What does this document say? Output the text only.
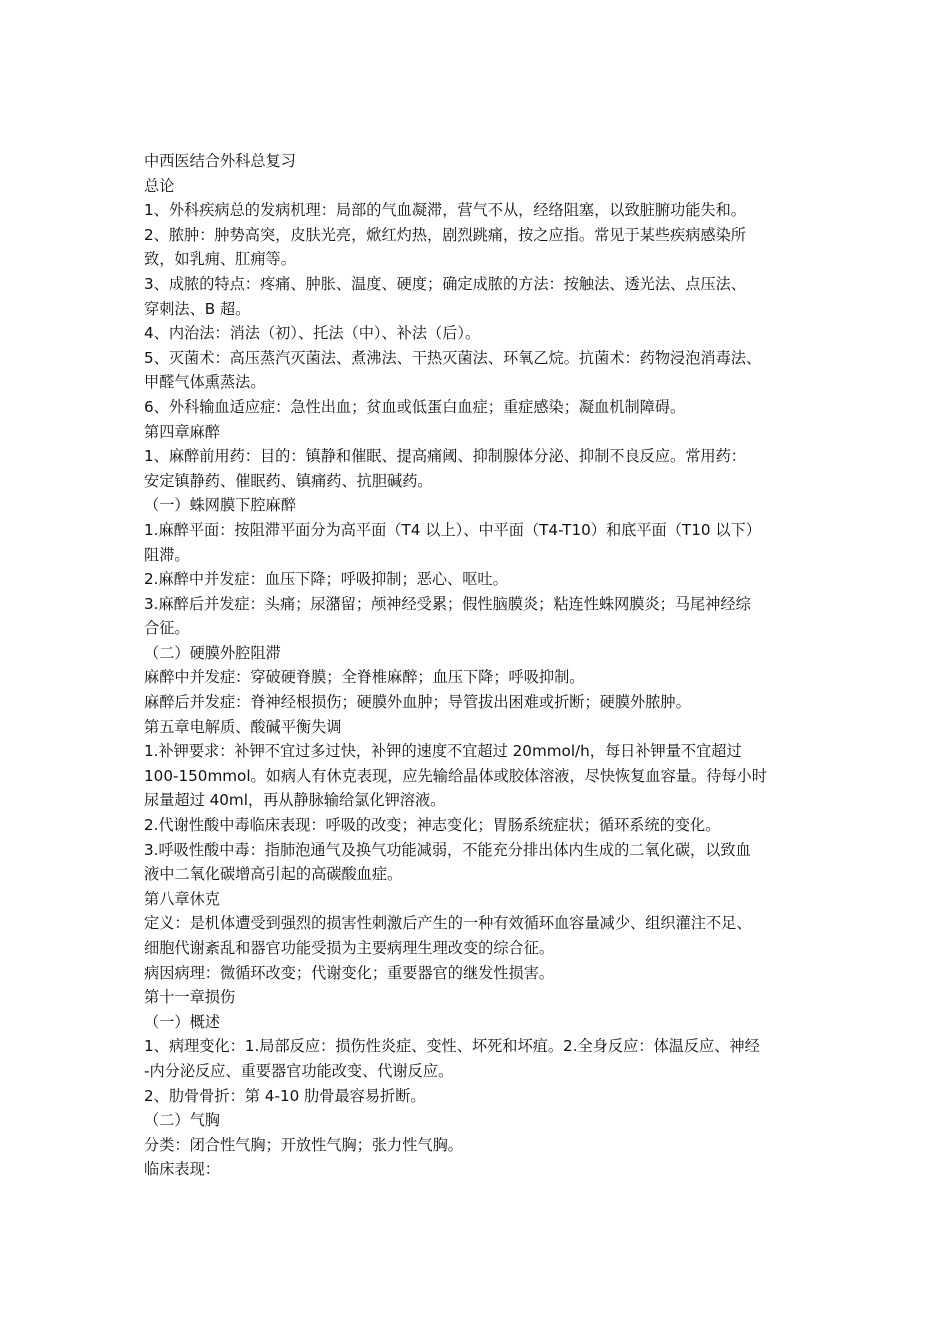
中西医结合外科总复习
总论
1、外科疾病总的发病机理：局部的气血凝滞，营气不从，经络阻塞，以致脏腑功能失和。
2、脓肿：肿势高突，皮肤光亮，焮红灼热，剧烈跳痛，按之应指。常见于某些疾病感染所
致，如乳痈、肛痈等。
3、成脓的特点：疼痛、肿胀、温度、硬度；确定成脓的方法：按触法、透光法、点压法、
穿刺法、B 超。
4、内治法：消法（初）、托法（中）、补法（后）。
5、灭菌术：高压蒸汽灭菌法、煮沸法、干热灭菌法、环氧乙烷。抗菌术：药物浸泡消毒法、
甲醛气体熏蒸法。
6、外科输血适应症：急性出血；贫血或低蛋白血症；重症感染；凝血机制障碍。
第四章麻醉
1、麻醉前用药：目的：镇静和催眠、提高痛阈、抑制腺体分泌、抑制不良反应。常用药：
安定镇静药、催眠药、镇痛药、抗胆碱药。
（一）蛛网膜下腔麻醉
1.麻醉平面：按阻滞平面分为高平面（T4 以上）、中平面（T4-T10）和底平面（T10 以下）
阻滞。
2.麻醉中并发症：血压下降；呼吸抑制；恶心、呕吐。
3.麻醉后并发症：头痛；尿潴留；颅神经受累；假性脑膜炎；粘连性蛛网膜炎；马尾神经综
合征。
（二）硬膜外腔阻滞
麻醉中并发症：穿破硬脊膜；全脊椎麻醉；血压下降；呼吸抑制。
麻醉后并发症：脊神经根损伤；硬膜外血肿；导管拔出困难或折断；硬膜外脓肿。
第五章电解质、酸碱平衡失调
1.补钾要求：补钾不宜过多过快，补钾的速度不宜超过 20mmol/h，每日补钾量不宜超过
100-150mmol。如病人有休克表现，应先输给晶体或胶体溶液，尽快恢复血容量。待每小时
尿量超过 40ml，再从静脉输给氯化钾溶液。
2.代谢性酸中毒临床表现：呼吸的改变；神志变化；胃肠系统症状；循环系统的变化。
3.呼吸性酸中毒：指肺泡通气及换气功能减弱，不能充分排出体内生成的二氧化碳，以致血
液中二氧化碳增高引起的高碳酸血症。
第八章休克
定义：是机体遭受到强烈的损害性刺激后产生的一种有效循环血容量减少、组织灌注不足、
细胞代谢紊乱和器官功能受损为主要病理生理改变的综合征。
病因病理：微循环改变；代谢变化；重要器官的继发性损害。
第十一章损伤
（一）概述
1、病理变化：1.局部反应：损伤性炎症、变性、坏死和坏疽。2.全身反应：体温反应、神经
-内分泌反应、重要器官功能改变、代谢反应。
2、肋骨骨折：第 4-10 肋骨最容易折断。
（二）气胸
分类：闭合性气胸；开放性气胸；张力性气胸。
临床表现：
